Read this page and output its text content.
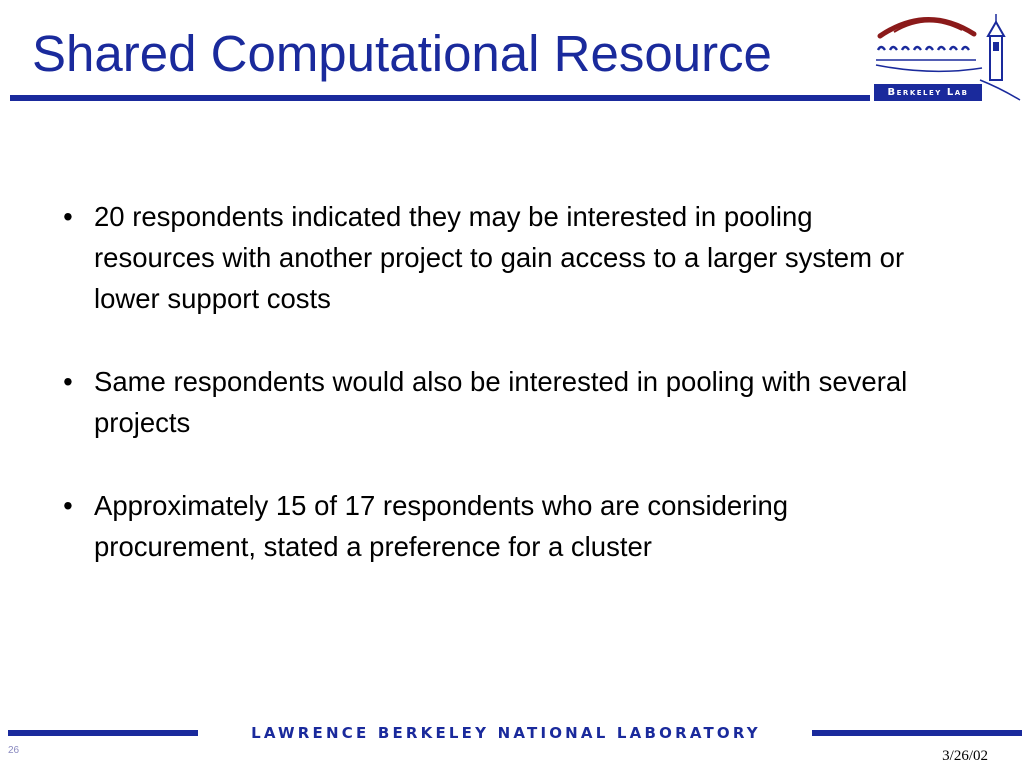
Shared Computational Resource
Berkeley Lab
• 20 respondents indicated they may be interested in pooling resources with another project to gain access to a larger system or lower support costs
• Same respondents would also be interested in pooling with several projects
• Approximately 15 of 17 respondents who are considering procurement, stated a preference for a cluster
LAWRENCE BERKELEY NATIONAL LABORATORY
26	3/26/02
